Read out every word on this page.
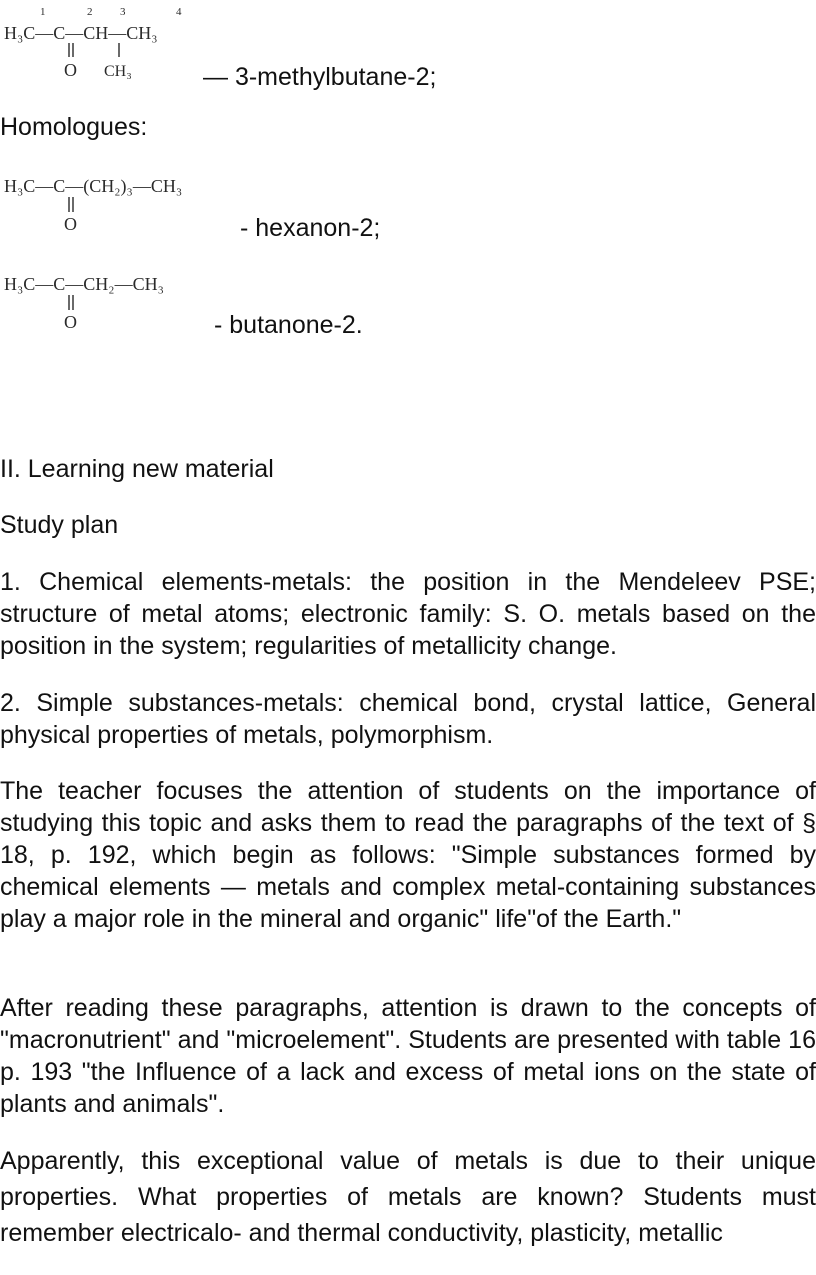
1	2	3	4
H₃C—C—CH—CH₃
O CH₃	— 3-methylbutane-2;
Homologues:
H₃C—C—(CH₂)₃—CH₃
O	- hexanon-2;
H₃C—C—CH₂—CH₃
O	- butanone-2.
II. Learning new material
Study plan
1. Chemical elements-metals: the position in the Mendeleev PSE; structure of metal atoms; electronic family: S. O. metals based on the position in the system; regularities of metallicity change.
2. Simple substances-metals: chemical bond, crystal lattice, General physical properties of metals, polymorphism.
The teacher focuses the attention of students on the importance of studying this topic and asks them to read the paragraphs of the text of § 18, p. 192, which begin as follows: "Simple substances formed by chemical elements — metals and complex metal-containing substances play a major role in the mineral and organic" life"of the Earth."
After reading these paragraphs, attention is drawn to the concepts of "macronutrient" and "microelement". Students are presented with table 16 p. 193 "the Influence of a lack and excess of metal ions on the state of plants and animals".
Apparently, this exceptional value of metals is due to their unique properties. What properties of metals are known? Students must remember electricalo- and thermal conductivity, plasticity, metallic
